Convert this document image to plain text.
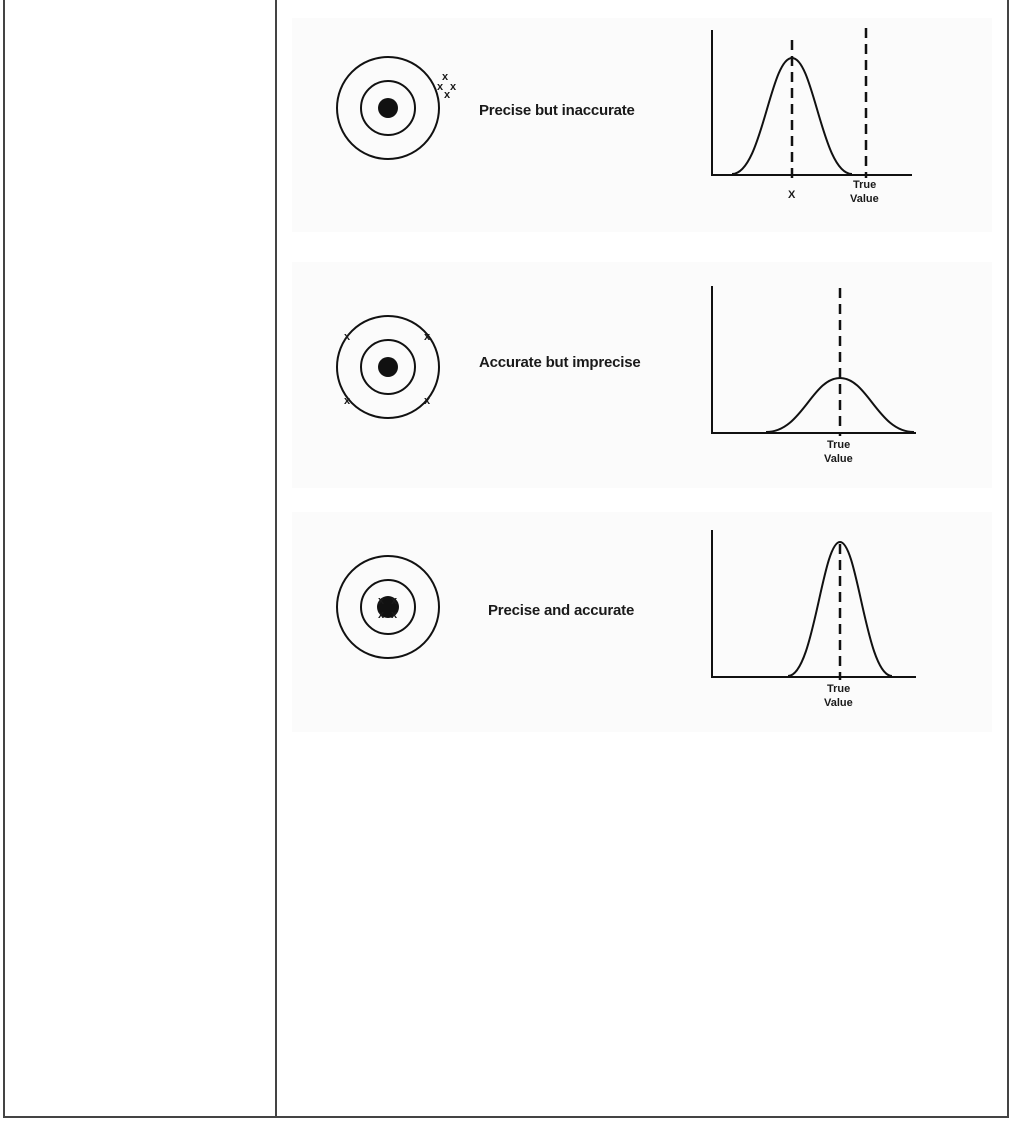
x
x
x
x
X
True
Value
Precise but inaccurate
x	x
x	x
True
Value
Accurate but imprecise
x x
x x
True
Value
Precise and accurate
